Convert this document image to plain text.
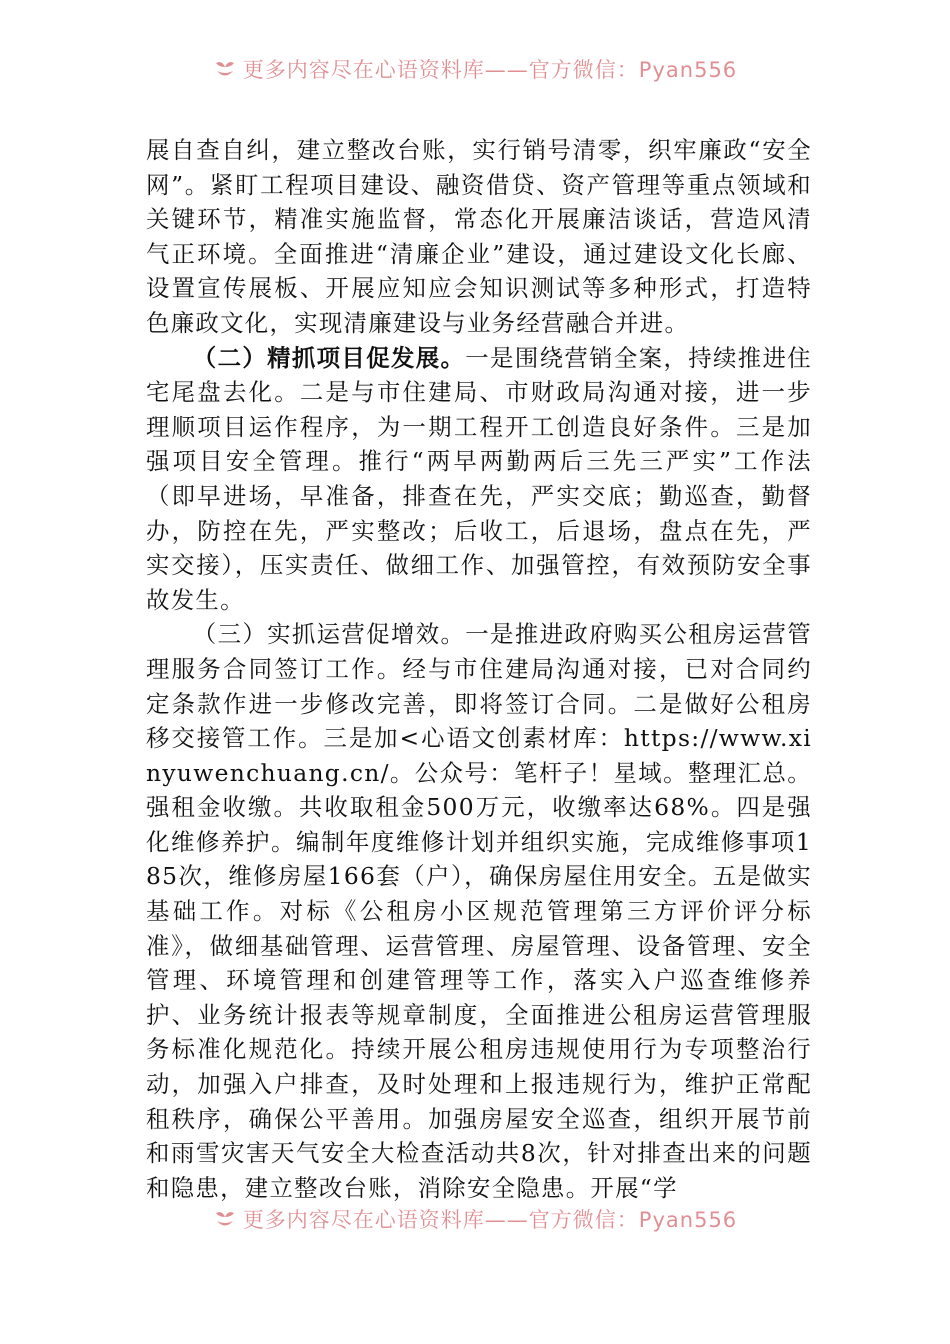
更多内容尽在心语资料库——官方微信：Pyan556

展自查自纠，建立整改台账，实行销号清零，织牢廉政“安全网”。紧盯工程项目建设、融资借贷、资产管理等重点领域和关键环节，精准实施监督，常态化开展廉洁谈话，营造风清气正环境。全面推进“清廉企业”建设，通过建设文化长廊、设置宣传展板、开展应知应会知识测试等多种形式，打造特色廉政文化，实现清廉建设与业务经营融合并进。

（二）精抓项目促发展。一是围绕营销全案，持续推进住宅尾盘去化。二是与市住建局、市财政局沟通对接，进一步理顺项目运作程序，为一期工程开工创造良好条件。三是加强项目安全管理。推行“两早两勤两后三先三严实”工作法（即早进场，早准备，排查在先，严实交底；勤巡查，勤督办，防控在先，严实整改；后收工，后退场，盘点在先，严实交接），压实责任、做细工作、加强管控，有效预防安全事故发生。

（三）实抓运营促增效。一是推进政府购买公租房运营管理服务合同签订工作。经与市住建局沟通对接，已对合同约定条款作进一步修改完善，即将签订合同。二是做好公租房移交接管工作。三是加<心语文创素材库：https://www.xinyuwenchuang.cn/。公众号：笔杆子！星域。整理汇总。强租金收缴。共收取租金500万元，收缴率达68%。四是强化维修养护。编制年度维修计划并组织实施，完成维修事项185次，维修房屋166套（户），确保房屋住用安全。五是做实基础工作。对标《公租房小区规范管理第三方评价评分标准》，做细基础管理、运营管理、房屋管理、设备管理、安全管理、环境管理和创建管理等工作，落实入户巡查维修养护、业务统计报表等规章制度，全面推进公租房运营管理服务标准化规范化。持续开展公租房违规使用行为专项整治行动，加强入户排查，及时处理和上报违规行为，维护正常配租秩序，确保公平善用。加强房屋安全巡查，组织开展节前和雨雪灾害天气安全大检查活动共8次，针对排查出来的问题和隐患，建立整改台账，消除安全隐患。开展“学

更多内容尽在心语资料库——官方微信：Pyan556
